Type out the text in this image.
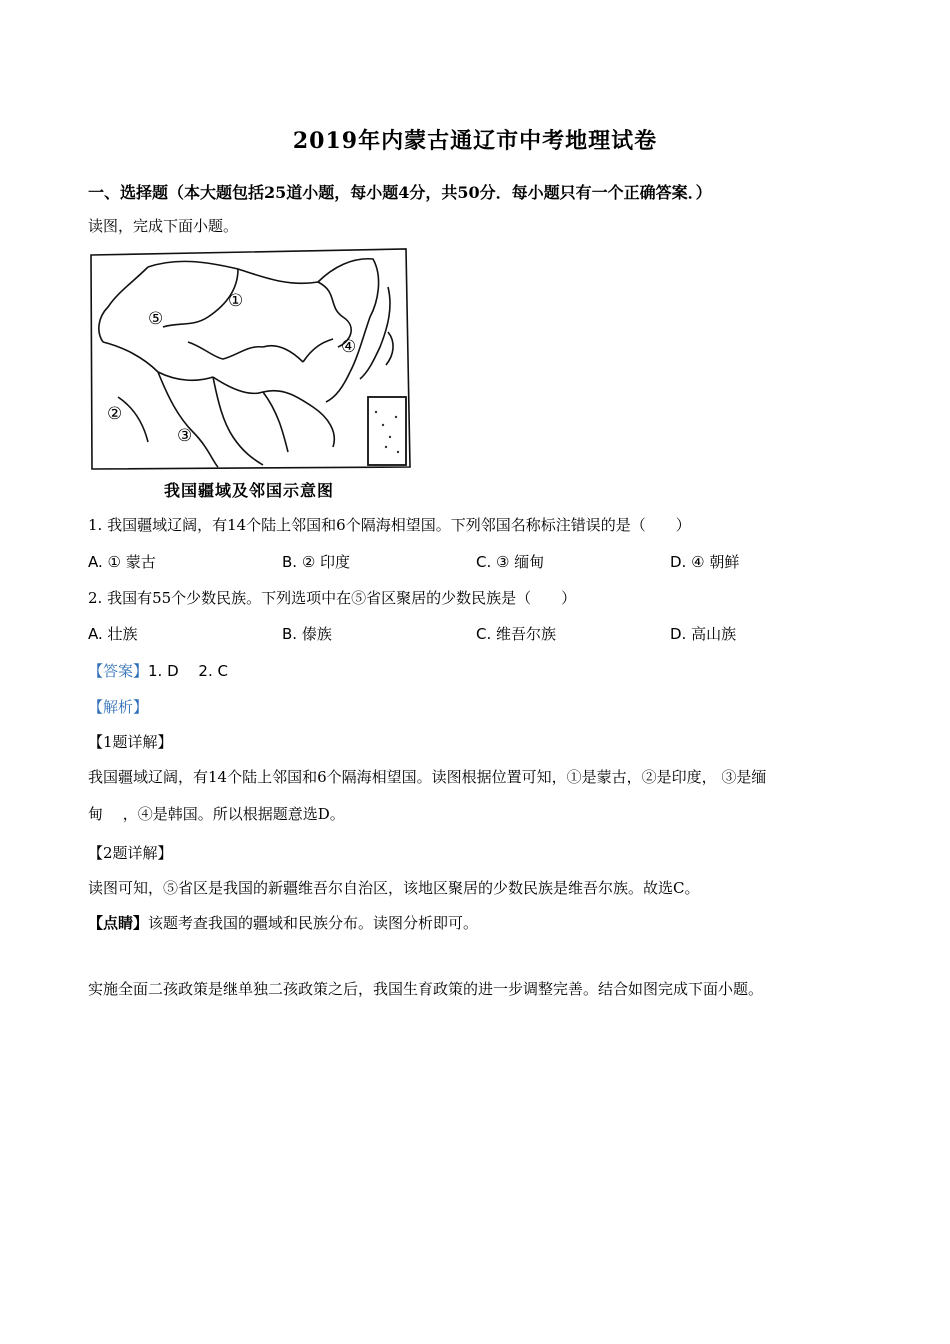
2019年内蒙古通辽市中考地理试卷
一、选择题（本大题包括25道小题，每小题4分，共50分．每小题只有一个正确答案．）
读图，完成下面小题。
①
②
③
④
⑤
我国疆域及邻国示意图
1. 我国疆域辽阔，有14个陆上邻国和6个隔海相望国。下列邻国名称标注错误的是（　　）
A. ① 蒙古	B. ② 印度	C. ③ 缅甸	D. ④ 朝鲜
2. 我国有55个少数民族。下列选项中在⑤省区聚居的少数民族是（　　）
A. 壮族	B. 傣族	C. 维吾尔族	D. 高山族
【答案】1. D　 2. C
【解析】
【1题详解】
我国疆域辽阔，有14个陆上邻国和6个隔海相望国。读图根据位置可知，①是蒙古，②是印度， ③是缅
甸　 ，④是韩国。所以根据题意选D。
【2题详解】
读图可知，⑤省区是我国的新疆维吾尔自治区，该地区聚居的少数民族是维吾尔族。故选C。
【点睛】该题考查我国的疆域和民族分布。读图分析即可。
实施全面二孩政策是继单独二孩政策之后，我国生育政策的进一步调整完善。结合如图完成下面小题。
